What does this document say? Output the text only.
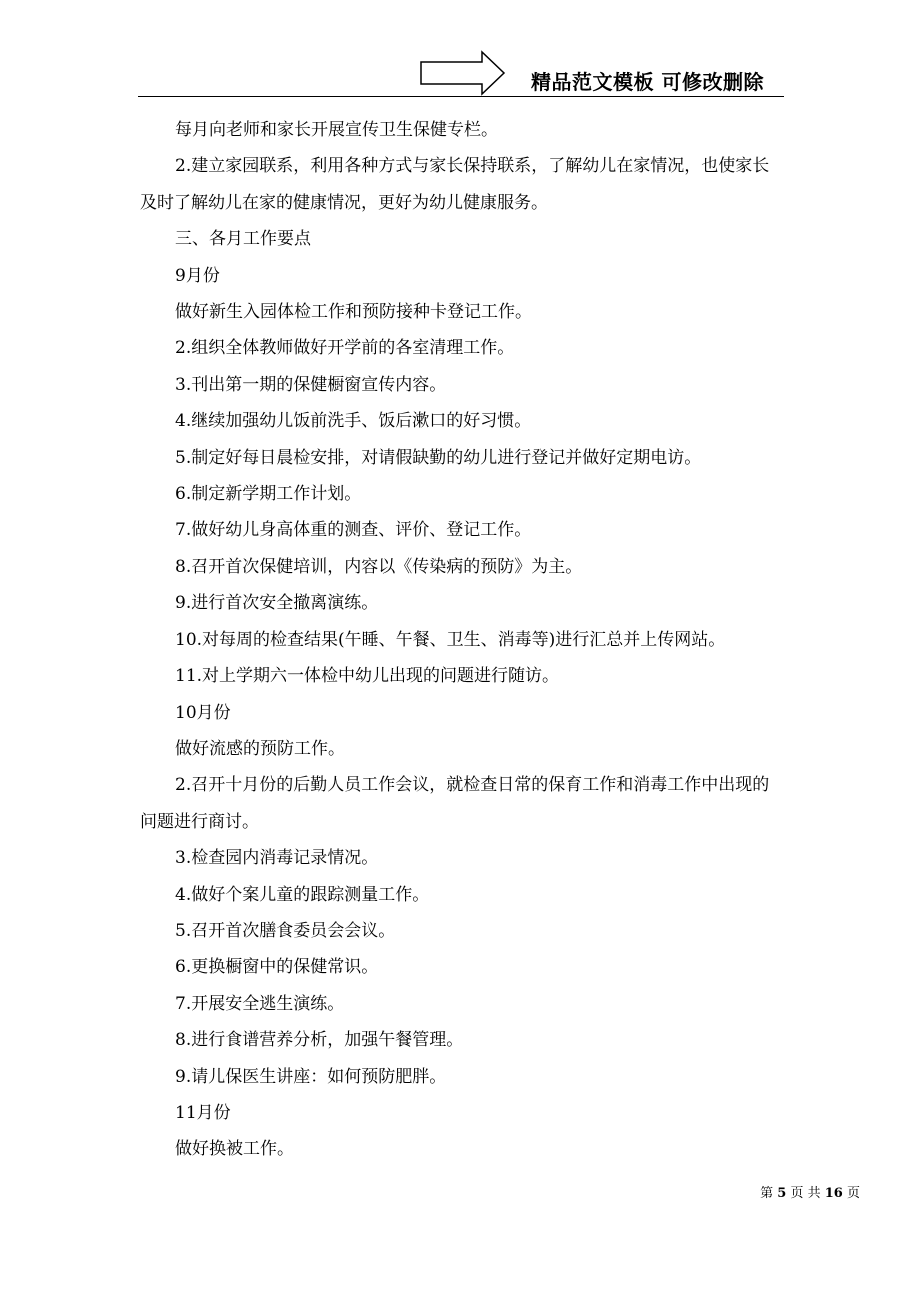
精品范文模板 可修改删除

每月向老师和家长开展宣传卫生保健专栏。

2.建立家园联系，利用各种方式与家长保持联系，了解幼儿在家情况，也使家长及时了解幼儿在家的健康情况，更好为幼儿健康服务。

三、各月工作要点

9月份

做好新生入园体检工作和预防接种卡登记工作。

2.组织全体教师做好开学前的各室清理工作。

3.刊出第一期的保健橱窗宣传内容。

4.继续加强幼儿饭前洗手、饭后漱口的好习惯。

5.制定好每日晨检安排，对请假缺勤的幼儿进行登记并做好定期电访。

6.制定新学期工作计划。

7.做好幼儿身高体重的测查、评价、登记工作。

8.召开首次保健培训，内容以《传染病的预防》为主。

9.进行首次安全撤离演练。

10.对每周的检查结果(午睡、午餐、卫生、消毒等)进行汇总并上传网站。

11.对上学期六一体检中幼儿出现的问题进行随访。

10月份

做好流感的预防工作。

2.召开十月份的后勤人员工作会议，就检查日常的保育工作和消毒工作中出现的问题进行商讨。

3.检查园内消毒记录情况。

4.做好个案儿童的跟踪测量工作。

5.召开首次膳食委员会会议。

6.更换橱窗中的保健常识。

7.开展安全逃生演练。

8.进行食谱营养分析，加强午餐管理。

9.请儿保医生讲座：如何预防肥胖。

11月份

做好换被工作。

第 5 页 共 16 页
